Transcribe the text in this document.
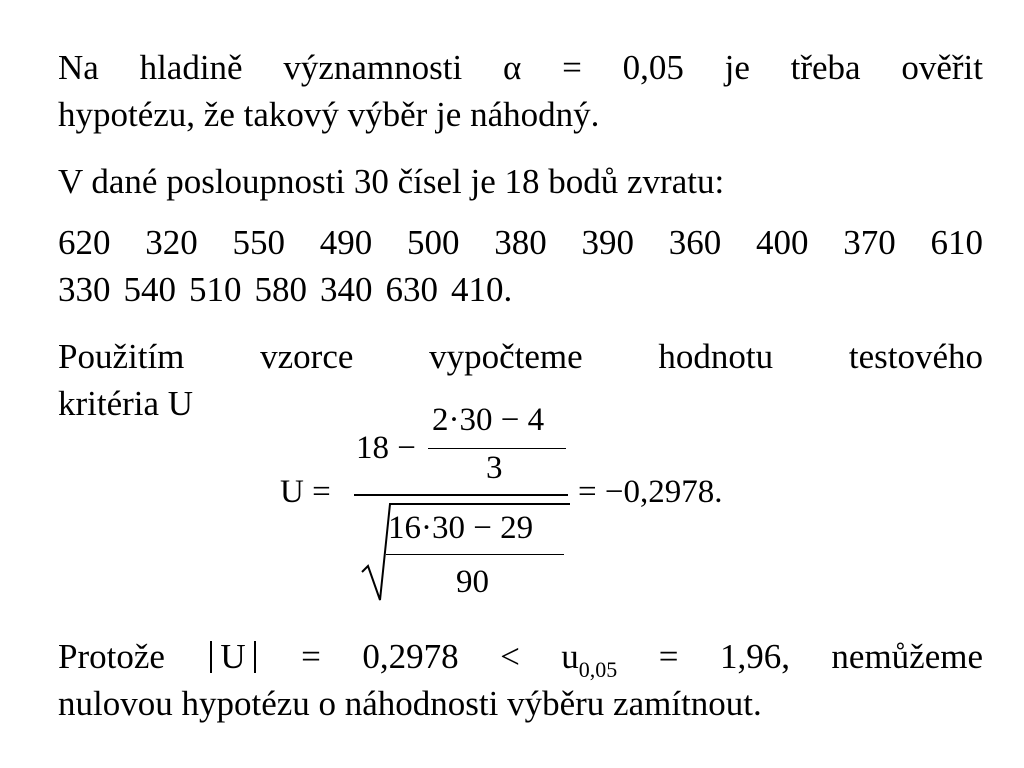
Na hladině významnosti α = 0,05 je třeba ověřit
hypotézu, že takový výběr je náhodný.
V dané posloupnosti 30 čísel je 18 bodů zvratu:
620 320 550 490 500 380 390 360 400 370 610
330 540 510 580 340 630 410.
Použitím vzorce vypočteme hodnotu testového
kritéria U
U =
18 −
2·30 − 4
3
16·30 − 29
90
= −0,2978.
Protože $U = 0,2978 < u_{0,05} = 1,96$, nemůžeme
nulovou hypotézu o náhodnosti výběru zamítnout.
